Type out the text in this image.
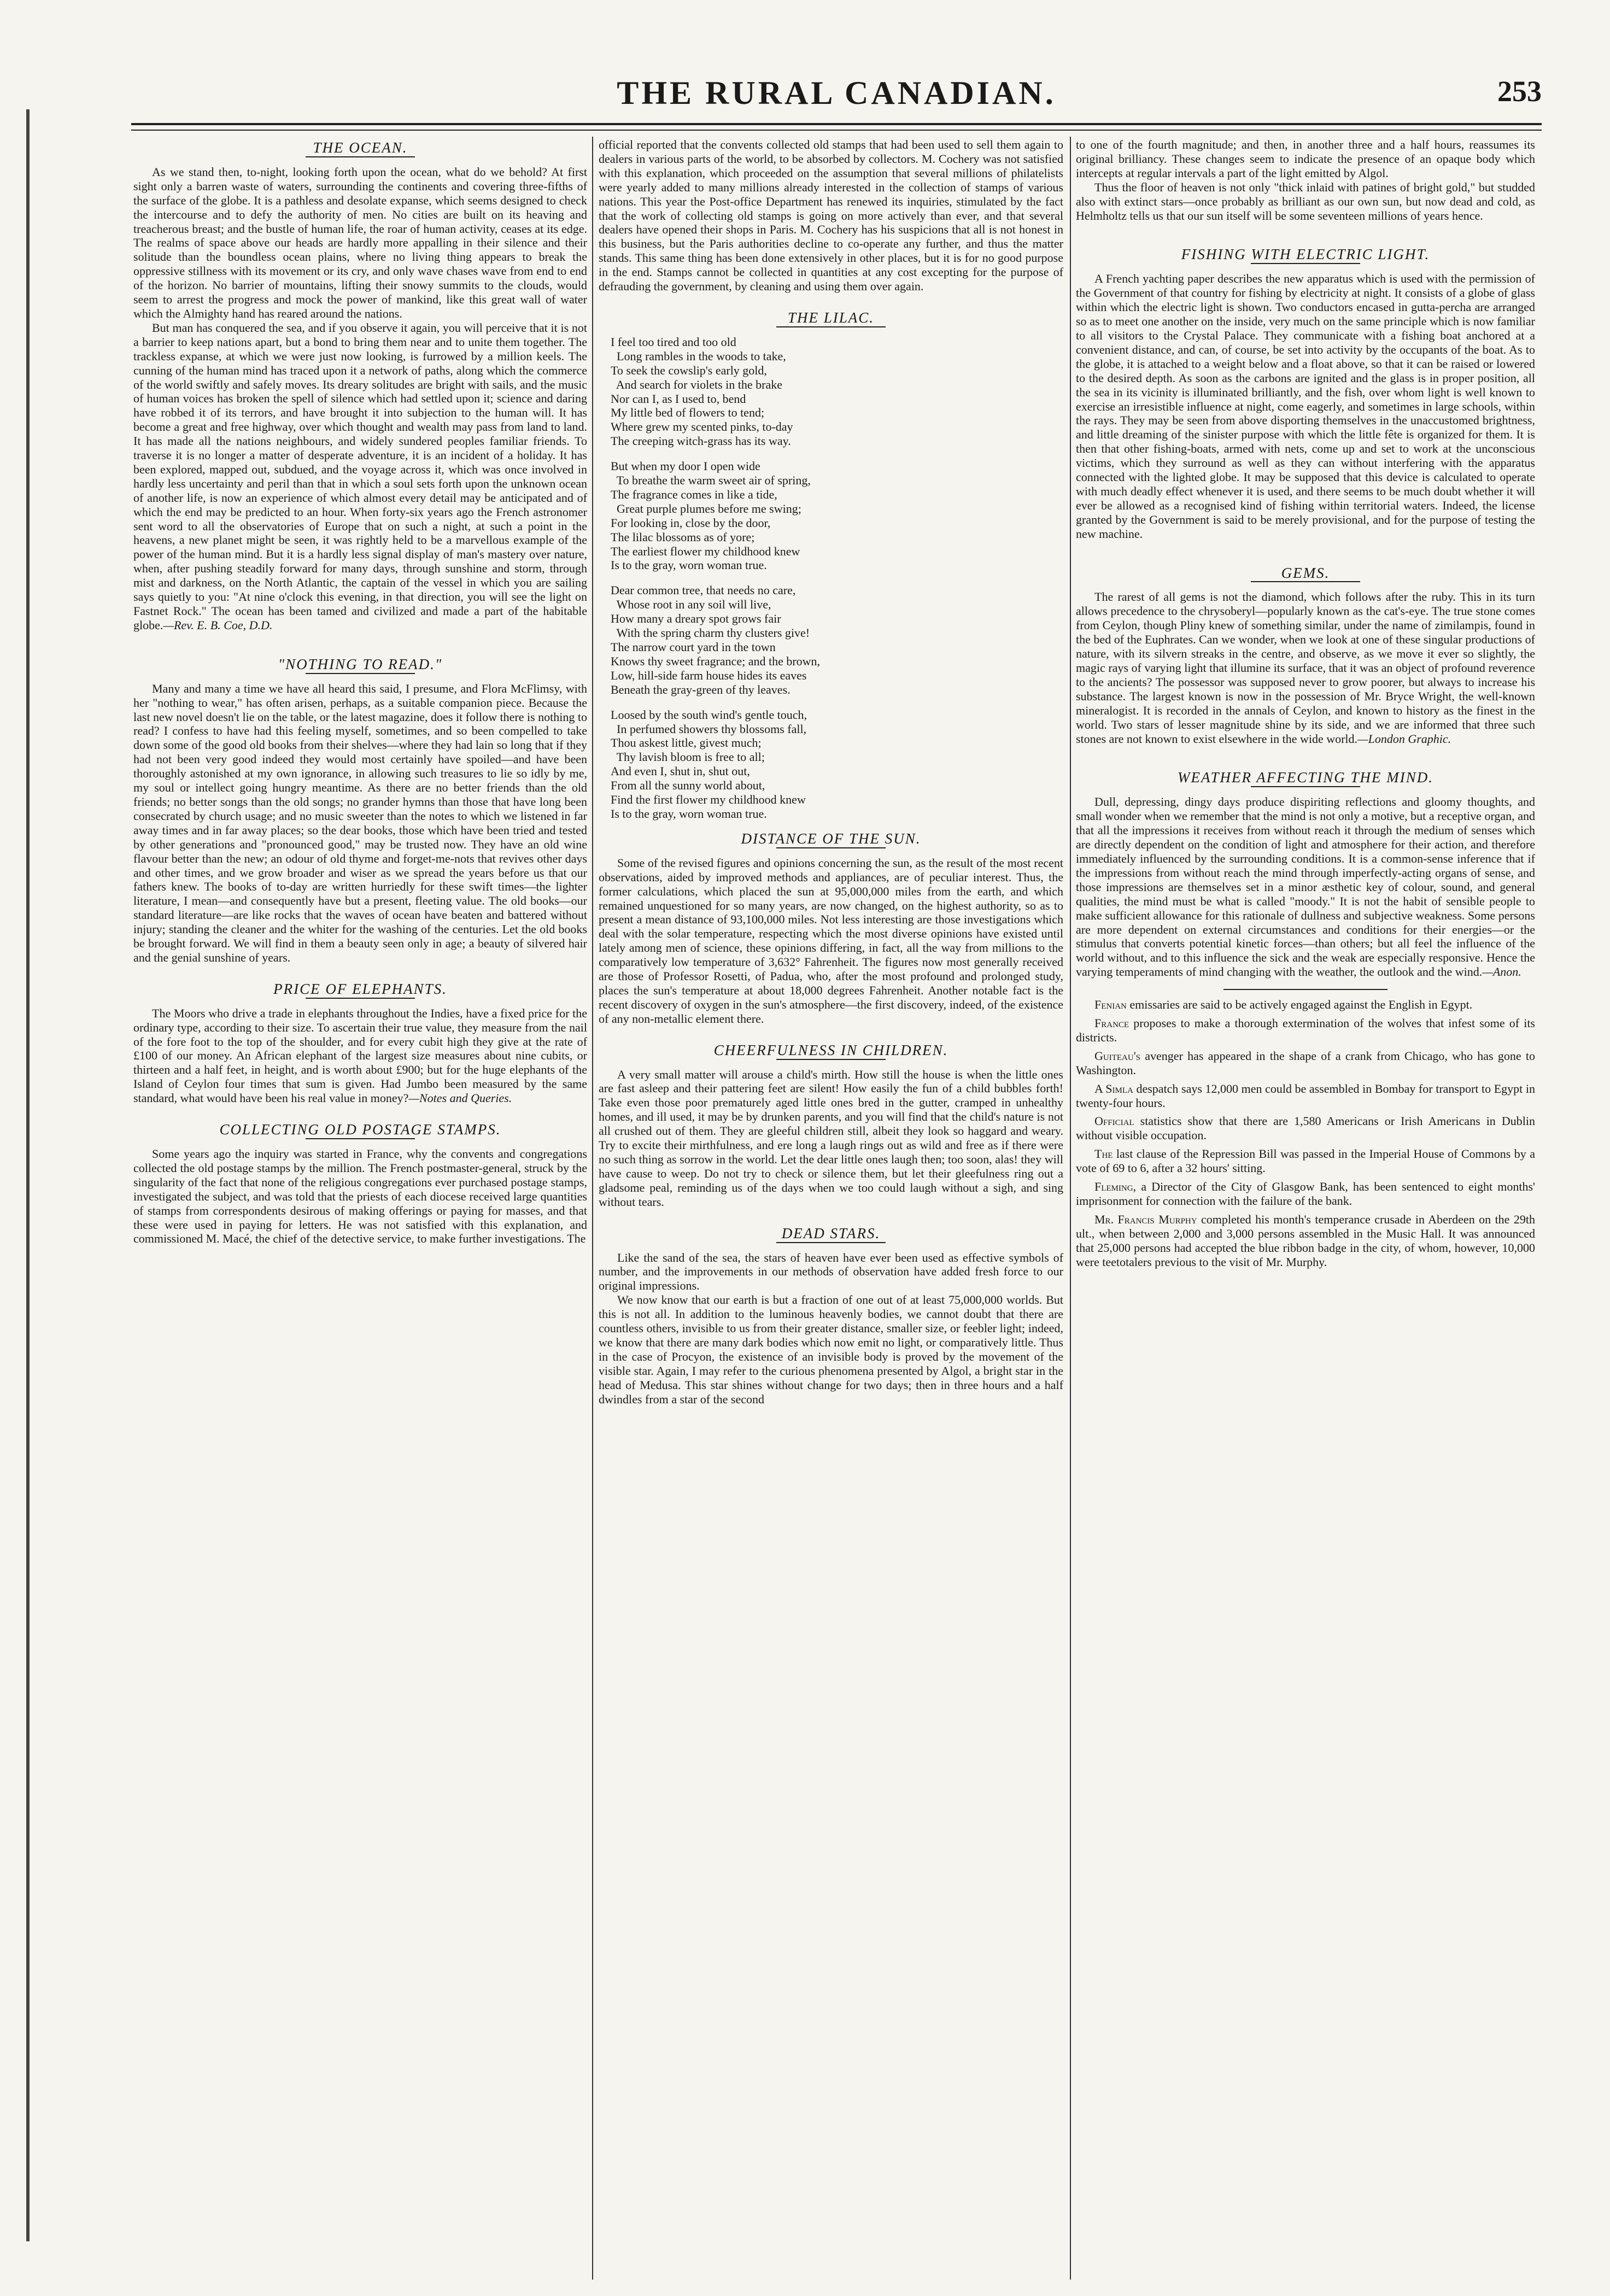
THE RURAL CANADIAN.	253
THE OCEAN.

As we stand then, to-night, looking forth upon the ocean, what do we behold? At first sight only a barren waste of waters, surrounding the continents and covering three-fifths of the surface of the globe. It is a pathless and desolate expanse, which seems designed to check the intercourse and to defy the authority of men. No cities are built on its heaving and treacherous breast; and the bustle of human life, the roar of human activity, ceases at its edge. The realms of space above our heads are hardly more appalling in their silence and their solitude than the boundless ocean plains, where no living thing appears to break the oppressive stillness with its movement or its cry, and only wave chases wave from end to end of the horizon. No barrier of mountains, lifting their snowy summits to the clouds, would seem to arrest the progress and mock the power of mankind, like this great wall of water which the Almighty hand has reared around the nations.

But man has conquered the sea, and if you observe it again, you will perceive that it is not a barrier to keep nations apart, but a bond to bring them near and to unite them together. The trackless expanse, at which we were just now looking, is furrowed by a million keels. The cunning of the human mind has traced upon it a network of paths, along which the commerce of the world swiftly and safely moves. Its dreary solitudes are bright with sails, and the music of human voices has broken the spell of silence which had settled upon it; science and daring have robbed it of its terrors, and have brought it into subjection to the human will. It has become a great and free highway, over which thought and wealth may pass from land to land. It has made all the nations neighbours, and widely sundered peoples familiar friends. To traverse it is no longer a matter of desperate adventure, it is an incident of a holiday. It has been explored, mapped out, subdued, and the voyage across it, which was once involved in hardly less uncertainty and peril than that in which a soul sets forth upon the unknown ocean of another life, is now an experience of which almost every detail may be anticipated and of which the end may be predicted to an hour. When forty-six years ago the French astronomer sent word to all the observatories of Europe that on such a night, at such a point in the heavens, a new planet might be seen, it was rightly held to be a marvellous example of the power of the human mind. But it is a hardly less signal display of man's mastery over nature, when, after pushing steadily forward for many days, through sunshine and storm, through mist and darkness, on the North Atlantic, the captain of the vessel in which you are sailing says quietly to you: "At nine o'clock this evening, in that direction, you will see the light on Fastnet Rock." The ocean has been tamed and civilized and made a part of the habitable globe.—Rev. E. B. Coe, D.D.

"NOTHING TO READ."

Many and many a time we have all heard this said, I presume, and Flora McFlimsy, with her "nothing to wear," has often arisen, perhaps, as a suitable companion piece. Because the last new novel doesn't lie on the table, or the latest magazine, does it follow there is nothing to read? I confess to have had this feeling myself, sometimes, and so been compelled to take down some of the good old books from their shelves—where they had lain so long that if they had not been very good indeed they would most certainly have spoiled—and have been thoroughly astonished at my own ignorance, in allowing such treasures to lie so idly by me, my soul or intellect going hungry meantime. As there are no better friends than the old friends; no better songs than the old songs; no grander hymns than those that have long been consecrated by church usage; and no music sweeter than the notes to which we listened in far away times and in far away places; so the dear books, those which have been tried and tested by other generations and "pronounced good," may be trusted now. They have an old wine flavour better than the new; an odour of old thyme and forget-me-nots that revives other days and other times, and we grow broader and wiser as we spread the years before us that our fathers knew. The books of to-day are written hurriedly for these swift times—the lighter literature, I mean—and consequently have but a present, fleeting value. The old books—our standard literature—are like rocks that the waves of ocean have beaten and battered without injury; standing the cleaner and the whiter for the washing of the centuries. Let the old books be brought forward. We will find in them a beauty seen only in age; a beauty of silvered hair and the genial sunshine of years.

PRICE OF ELEPHANTS.

The Moors who drive a trade in elephants throughout the Indies, have a fixed price for the ordinary type, according to their size. To ascertain their true value, they measure from the nail of the fore foot to the top of the shoulder, and for every cubit high they give at the rate of £100 of our money. An African elephant of the largest size measures about nine cubits, or thirteen and a half feet, in height, and is worth about £900; but for the huge elephants of the Island of Ceylon four times that sum is given. Had Jumbo been measured by the same standard, what would have been his real value in money?—Notes and Queries.

COLLECTING OLD POSTAGE STAMPS.

Some years ago the inquiry was started in France, why the convents and congregations collected the old postage stamps by the million. The French postmaster-general, struck by the singularity of the fact that none of the religious congregations ever purchased postage stamps, investigated the subject, and was told that the priests of each diocese received large quantities of stamps from correspondents desirous of making offerings or paying for masses, and that these were used in paying for letters. He was not satisfied with this explanation, and commissioned M. Macé, the chief of the detective service, to make further investigations. The

official reported that the convents collected old stamps that had been used to sell them again to dealers in various parts of the world, to be absorbed by collectors. M. Cochery was not satisfied with this explanation, which proceeded on the assumption that several millions of philatelists were yearly added to many millions already interested in the collection of stamps of various nations. This year the Post-office Department has renewed its inquiries, stimulated by the fact that the work of collecting old stamps is going on more actively than ever, and that several dealers have opened their shops in Paris. M. Cochery has his suspicions that all is not honest in this business, but the Paris authorities decline to co-operate any further, and thus the matter stands. This same thing has been done extensively in other places, but it is for no good purpose in the end. Stamps cannot be collected in quantities at any cost excepting for the purpose of defrauding the government, by cleaning and using them over again.

THE LILAC.
I feel too tired and too old
Long rambles in the woods to take,
To seek the cowslip's early gold,
And search for violets in the brake
Nor can I, as I used to, bend
My little bed of flowers to tend;
Where grew my scented pinks, to-day
The creeping witch-grass has its way.
But when my door I open wide
To breathe the warm sweet air of spring,
The fragrance comes in like a tide,
Great purple plumes before me swing;
For looking in, close by the door,
The lilac blossoms as of yore;
The earliest flower my childhood knew
Is to the gray, worn woman true.
Dear common tree, that needs no care,
Whose root in any soil will live,
How many a dreary spot grows fair
With the spring charm thy clusters give!
The narrow court yard in the town
Knows thy sweet fragrance; and the brown,
Low, hill-side farm house hides its eaves
Beneath the gray-green of thy leaves.
Loosed by the south wind's gentle touch,
In perfumed showers thy blossoms fall,
Thou askest little, givest much;
Thy lavish bloom is free to all;
And even I, shut in, shut out,
From all the sunny world about,
Find the first flower my childhood knew
Is to the gray, worn woman true.
DISTANCE OF THE SUN.

Some of the revised figures and opinions concerning the sun, as the result of the most recent observations, aided by improved methods and appliances, are of peculiar interest. Thus, the former calculations, which placed the sun at 95,000,000 miles from the earth, and which remained unquestioned for so many years, are now changed, on the highest authority, so as to present a mean distance of 93,100,000 miles. Not less interesting are those investigations which deal with the solar temperature, respecting which the most diverse opinions have existed until lately among men of science, these opinions differing, in fact, all the way from millions to the comparatively low temperature of 3,632° Fahrenheit. The figures now most generally received are those of Professor Rosetti, of Padua, who, after the most profound and prolonged study, places the sun's temperature at about 18,000 degrees Fahrenheit. Another notable fact is the recent discovery of oxygen in the sun's atmosphere—the first discovery, indeed, of the existence of any non-metallic element there.

CHEERFULNESS IN CHILDREN.

A very small matter will arouse a child's mirth. How still the house is when the little ones are fast asleep and their pattering feet are silent! How easily the fun of a child bubbles forth! Take even those poor prematurely aged little ones bred in the gutter, cramped in unhealthy homes, and ill used, it may be by drunken parents, and you will find that the child's nature is not all crushed out of them. They are gleeful children still, albeit they look so haggard and weary. Try to excite their mirthfulness, and ere long a laugh rings out as wild and free as if there were no such thing as sorrow in the world. Let the dear little ones laugh then; too soon, alas! they will have cause to weep. Do not try to check or silence them, but let their gleefulness ring out a gladsome peal, reminding us of the days when we too could laugh without a sigh, and sing without tears.

DEAD STARS.

Like the sand of the sea, the stars of heaven have ever been used as effective symbols of number, and the improvements in our methods of observation have added fresh force to our original impressions.

We now know that our earth is but a fraction of one out of at least 75,000,000 worlds. But this is not all. In addition to the luminous heavenly bodies, we cannot doubt that there are countless others, invisible to us from their greater distance, smaller size, or feebler light; indeed, we know that there are many dark bodies which now emit no light, or comparatively little. Thus in the case of Procyon, the existence of an invisible body is proved by the movement of the visible star. Again, I may refer to the curious phenomena presented by Algol, a bright star in the head of Medusa. This star shines without change for two days; then in three hours and a half dwindles from a star of the second

to one of the fourth magnitude; and then, in another three and a half hours, reassumes its original brilliancy. These changes seem to indicate the presence of an opaque body which intercepts at regular intervals a part of the light emitted by Algol.

Thus the floor of heaven is not only "thick inlaid with patines of bright gold," but studded also with extinct stars—once probably as brilliant as our own sun, but now dead and cold, as Helmholtz tells us that our sun itself will be some seventeen millions of years hence.

FISHING WITH ELECTRIC LIGHT.

A French yachting paper describes the new apparatus which is used with the permission of the Government of that country for fishing by electricity at night. It consists of a globe of glass within which the electric light is shown. Two conductors encased in gutta-percha are arranged so as to meet one another on the inside, very much on the same principle which is now familiar to all visitors to the Crystal Palace. They communicate with a fishing boat anchored at a convenient distance, and can, of course, be set into activity by the occupants of the boat. As to the globe, it is attached to a weight below and a float above, so that it can be raised or lowered to the desired depth. As soon as the carbons are ignited and the glass is in proper position, all the sea in its vicinity is illuminated brilliantly, and the fish, over whom light is well known to exercise an irresistible influence at night, come eagerly, and sometimes in large schools, within the rays. They may be seen from above disporting themselves in the unaccustomed brightness, and little dreaming of the sinister purpose with which the little fête is organized for them. It is then that other fishing-boats, armed with nets, come up and set to work at the unconscious victims, which they surround as well as they can without interfering with the apparatus connected with the lighted globe. It may be supposed that this device is calculated to operate with much deadly effect whenever it is used, and there seems to be much doubt whether it will ever be allowed as a recognised kind of fishing within territorial waters. Indeed, the license granted by the Government is said to be merely provisional, and for the purpose of testing the new machine.

GEMS.

The rarest of all gems is not the diamond, which follows after the ruby. This in its turn allows precedence to the chrysoberyl—popularly known as the cat's-eye. The true stone comes from Ceylon, though Pliny knew of something similar, under the name of zimilampis, found in the bed of the Euphrates. Can we wonder, when we look at one of these singular productions of nature, with its silvern streaks in the centre, and observe, as we move it ever so slightly, the magic rays of varying light that illumine its surface, that it was an object of profound reverence to the ancients? The possessor was supposed never to grow poorer, but always to increase his substance. The largest known is now in the possession of Mr. Bryce Wright, the well-known mineralogist. It is recorded in the annals of Ceylon, and known to history as the finest in the world. Two stars of lesser magnitude shine by its side, and we are informed that three such stones are not known to exist elsewhere in the wide world.—London Graphic.

WEATHER AFFECTING THE MIND.

Dull, depressing, dingy days produce dispiriting reflections and gloomy thoughts, and small wonder when we remember that the mind is not only a motive, but a receptive organ, and that all the impressions it receives from without reach it through the medium of senses which are directly dependent on the condition of light and atmosphere for their action, and therefore immediately influenced by the surrounding conditions. It is a common-sense inference that if the impressions from without reach the mind through imperfectly-acting organs of sense, and those impressions are themselves set in a minor æsthetic key of colour, sound, and general qualities, the mind must be what is called "moody." It is not the habit of sensible people to make sufficient allowance for this rationale of dullness and subjective weakness. Some persons are more dependent on external circumstances and conditions for their energies—or the stimulus that converts potential kinetic forces—than others; but all feel the influence of the world without, and to this influence the sick and the weak are especially responsive. Hence the varying temperaments of mind changing with the weather, the outlook and the wind.—Anon.

Fenian emissaries are said to be actively engaged against the English in Egypt.

France proposes to make a thorough extermination of the wolves that infest some of its districts.

Guiteau's avenger has appeared in the shape of a crank from Chicago, who has gone to Washington.

A Simla despatch says 12,000 men could be assembled in Bombay for transport to Egypt in twenty-four hours.

Official statistics show that there are 1,580 Americans or Irish Americans in Dublin without visible occupation.

The last clause of the Repression Bill was passed in the Imperial House of Commons by a vote of 69 to 6, after a 32 hours' sitting.

Fleming, a Director of the City of Glasgow Bank, has been sentenced to eight months' imprisonment for connection with the failure of the bank.

Mr. Francis Murphy completed his month's temperance crusade in Aberdeen on the 29th ult., when between 2,000 and 3,000 persons assembled in the Music Hall. It was announced that 25,000 persons had accepted the blue ribbon badge in the city, of whom, however, 10,000 were teetotalers previous to the visit of Mr. Murphy.
